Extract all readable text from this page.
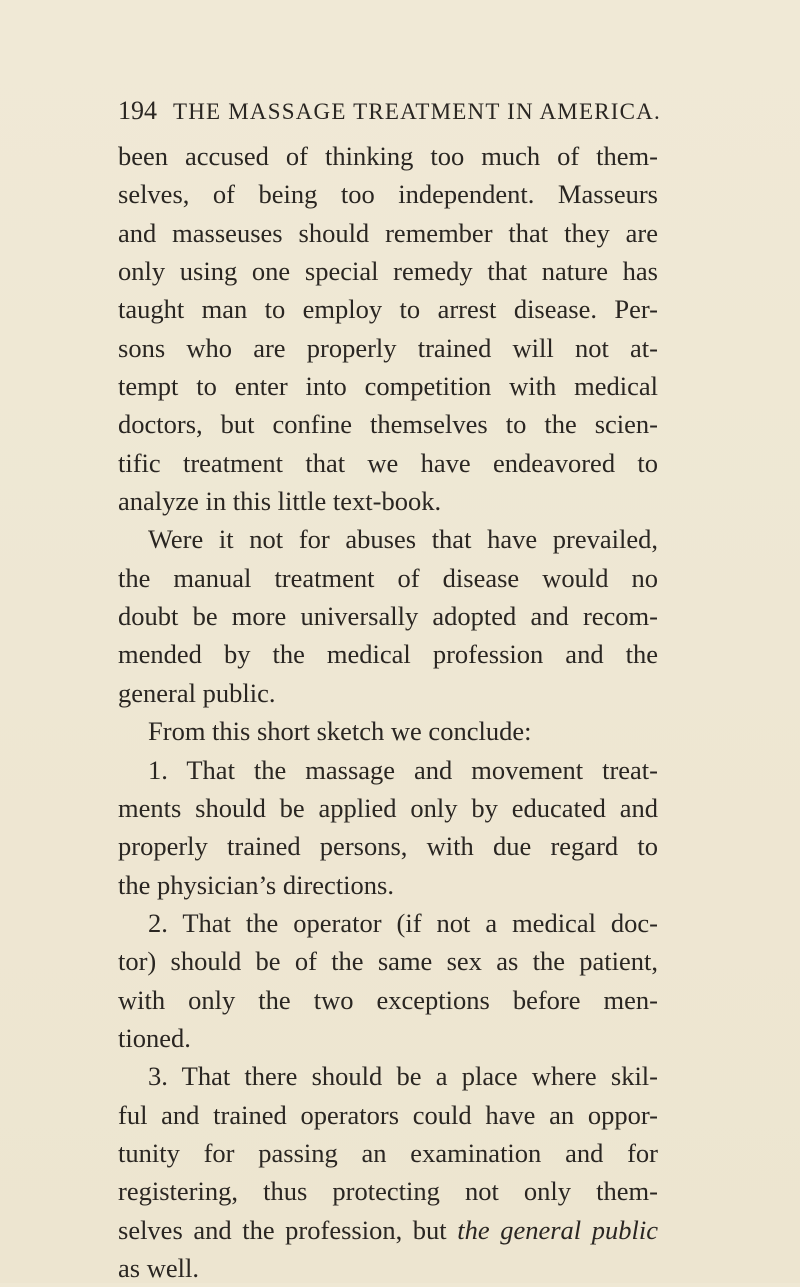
194 THE MASSAGE TREATMENT IN AMERICA.
been accused of thinking too much of them-
selves, of being too independent. Masseurs
and masseuses should remember that they are
only using one special remedy that nature has
taught man to employ to arrest disease. Per-
sons who are properly trained will not at-
tempt to enter into competition with medical
doctors, but confine themselves to the scien-
tific treatment that we have endeavored to
analyze in this little text-book.
Were it not for abuses that have prevailed,
the manual treatment of disease would no
doubt be more universally adopted and recom-
mended by the medical profession and the
general public.
From this short sketch we conclude:
1. That the massage and movement treat-
ments should be applied only by educated and
properly trained persons, with due regard to
the physician’s directions.
2. That the operator (if not a medical doc-
tor) should be of the same sex as the patient,
with only the two exceptions before men-
tioned.
3. That there should be a place where skil-
ful and trained operators could have an oppor-
tunity for passing an examination and for
registering, thus protecting not only them-
selves and the profession, but the general public
as well.
